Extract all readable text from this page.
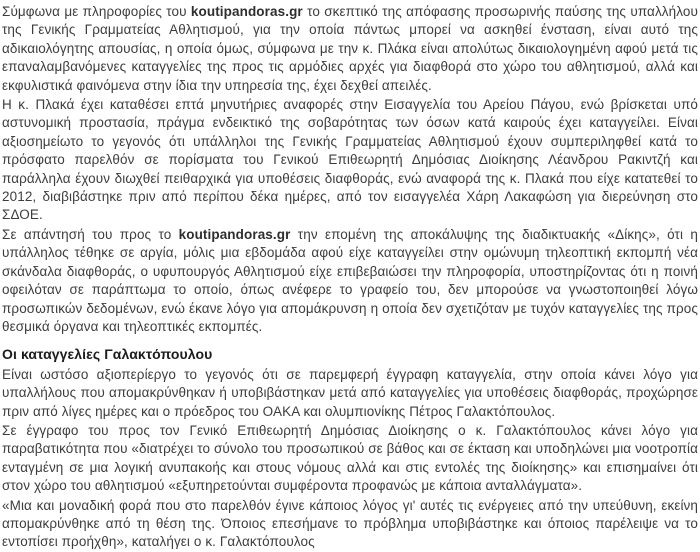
Σύμφωνα με πληροφορίες του koutipandoras.gr το σκεπτικό της απόφασης προσωρινής παύσης της υπαλλήλου της Γενικής Γραμματείας Αθλητισμού, για την οποία πάντως μπορεί να ασκηθεί ένσταση, είναι αυτό της αδικαιολόγητης απουσίας, η οποία όμως, σύμφωνα με την κ. Πλάκα είναι απολύτως δικαιολογημένη αφού μετά τις επαναλαμβανόμενες καταγγελίες της προς τις αρμόδιες αρχές για διαφθορά στο χώρο του αθλητισμού, αλλά και εκφυλιστικά φαινόμενα στην ίδια την υπηρεσία της, έχει δεχθεί απειλές.

Η κ. Πλακά έχει καταθέσει επτά μηνυτήριες αναφορές στην Εισαγγελία του Αρείου Πάγου, ενώ βρίσκεται υπό αστυνομική προστασία, πράγμα ενδεικτικό της σοβαρότητας των όσων κατά καιρούς έχει καταγγείλει. Είναι αξιοσημείωτο το γεγονός ότι υπάλληλοι της Γενικής Γραμματείας Αθλητισμού έχουν συμπεριληφθεί κατά το πρόσφατο παρελθόν σε πορίσματα του Γενικού Επιθεωρητή Δημόσιας Διοίκησης Λέανδρου Ρακιντζή και παράλληλα έχουν διωχθεί πειθαρχικά για υποθέσεις διαφθοράς, ενώ αναφορά της κ. Πλακά που είχε κατατεθεί το 2012, διαβιβάστηκε πριν από περίπου δέκα ημέρες, από τον εισαγγελέα Χάρη Λακαφώση για διερεύνηση στο ΣΔΟΕ.

Σε απάντησή του προς το koutipandoras.gr την επομένη της αποκάλυψης της διαδικτυακής «Δίκης», ότι η υπάλληλος τέθηκε σε αργία, μόλις μια εβδομάδα αφού είχε καταγγείλει στην ομώνυμη τηλεοπτική εκπομπή νέα σκάνδαλα διαφθοράς, ο υφυπουργός Αθλητισμού είχε επιβεβαιώσει την πληροφορία, υποστηρίζοντας ότι η ποινή οφειλόταν σε παράπτωμα το οποίο, όπως ανέφερε το γραφείο του, δεν μπορούσε να γνωστοποιηθεί λόγω προσωπικών δεδομένων, ενώ έκανε λόγο για απομάκρυνση η οποία δεν σχετιζόταν με τυχόν καταγγελίες της προς θεσμικά όργανα και τηλεοπτικές εκπομπές.

Οι καταγγελίες Γαλακτόπουλου

Είναι ωστόσο αξιοπερίεργο το γεγονός ότι σε παρεμφερή έγγραφη καταγγελία, στην οποία κάνει λόγο για υπαλλήλους που απομακρύνθηκαν ή υποβιβάστηκαν μετά από καταγγελίες για υποθέσεις διαφθοράς, προχώρησε πριν από λίγες ημέρες και ο πρόεδρος του ΟΑΚΑ και ολυμπιονίκης Πέτρος Γαλακτόπουλος.

Σε έγγραφο του προς τον Γενικό Επιθεωρητή Δημόσιας Διοίκησης ο κ. Γαλακτόπουλος κάνει λόγο για παραβατικότητα που «διατρέχει το σύνολο του προσωπικού σε βάθος και σε έκταση και υποδηλώνει μια νοοτροπία ενταγμένη σε μια λογική ανυπακοής και στους νόμους αλλά και στις εντολές της διοίκησης» και επισημαίνει ότι στον χώρο του αθλητισμού «εξυπηρετούνται συμφέροντα προφανώς με κάποια ανταλλάγματα».

«Μια και μοναδική φορά που στο παρελθόν έγινε κάποιος λόγος γι' αυτές τις ενέργειες από την υπεύθυνη, εκείνη απομακρύνθηκε από τη θέση της. Όποιος επεσήμανε το πρόβλημα υποβιβάστηκε και όποιος παρέλειψε να το εντοπίσει προήχθη», καταλήγει ο κ. Γαλακτόπουλος
